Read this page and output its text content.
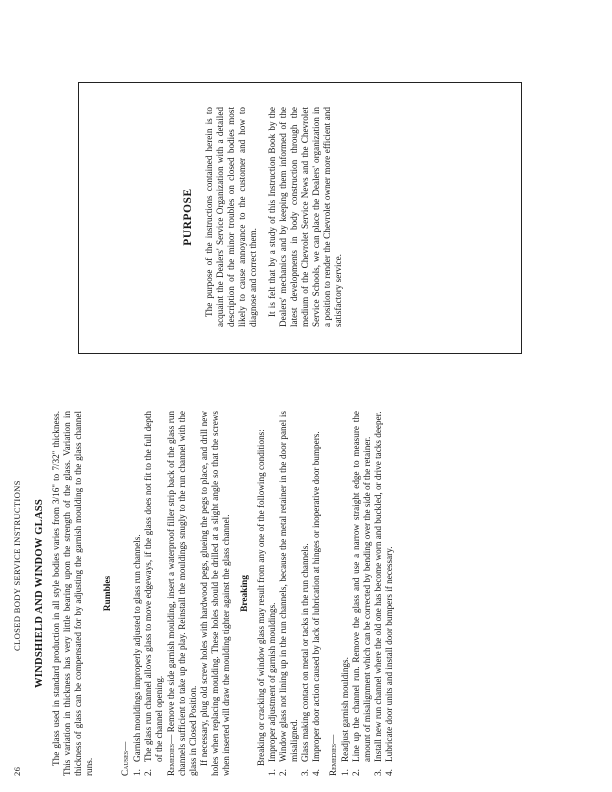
26
CLOSED BODY SERVICE INSTRUCTIONS WINDSHIELD AND WINDOW GLASS The glass used in standard production in all style bodies varies from 3/16" to 7/32" thickness. This variation in thickness has very little bearing upon the strength of the glass. Variation in thickness of glass can be compensated for by adjusting the garnish moulding to the glass channel runs.

Rumbles

Causes— 1.
Garnish mouldings improperly adjusted to glass run channels.
2.
The glass run channel allows glass to move edgeways, if the glass does not fit to the full depth of the channel opening. Remedies— Remove the side garnish moulding, insert a waterproof filler strip back of the glass run channels sufficient to take up the play. Reinstall the mouldings snugly to the run channel with the glass in Closed Position. If necessary, plug old screw holes with hardwood pegs, glueing the pegs to place, and drill new holes when replacing moulding. These holes should be drilled at a slight angle so that the screws when inserted will draw the moulding tighter against the glass channel. Breaking Breaking or cracking of window glass may result from any one of the following conditions:

1.
Improper adjustment of garnish mouldings.
2.
Window glass not lining up in the run channels, because the metal retainer in the door panel is misaligned.
3.
Glass making contact on metal or tacks in the run channels.
4.
Improper door action caused by lack of lubrication at hinges or inoperative door bumpers. Remedies— 1.
Readjust garnish mouldings.
2.
Line up the channel run. Remove the glass and use a narrow straight edge to measure the amount of misalignment which can be corrected by bending over the side of the retainer.
3.
Install new run channel where the old one has become worn and buckled, or drive tacks deeper.
4.
Lubricate door units and install door bumpers if necessary.
PURPOSE The purpose of the instructions contained herein is to acquaint the Dealers' Service Organization with a detailed description of the minor troubles on closed bodies most likely to cause annoyance to the customer and how to diagnose and correct them. It is felt that by a study of this Instruction Book by the Dealers' mechanics and by keeping them informed of the latest developments in body construction through the medium of the Chevrolet Service News and the Chevrolet Service Schools, we can place the Dealers' organization in a position to render the Chevrolet owner more efficient and satisfactory service.
